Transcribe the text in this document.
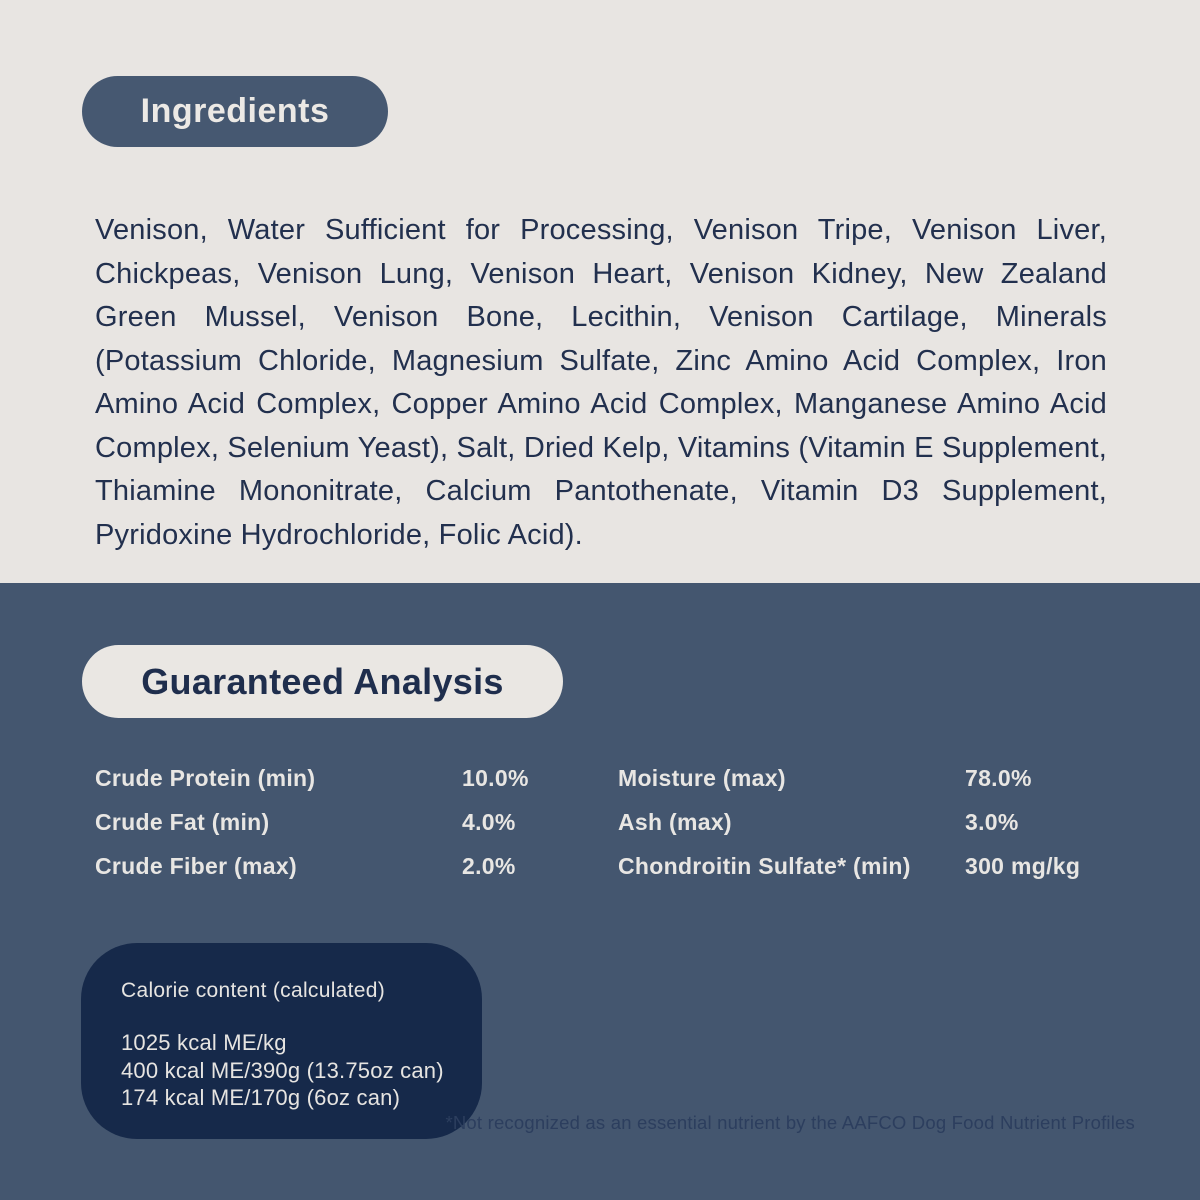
Ingredients

Venison, Water Sufficient for Processing, Venison Tripe, Venison Liver, Chickpeas, Venison Lung, Venison Heart, Venison Kidney, New Zealand Green Mussel, Venison Bone, Lecithin, Venison Cartilage, Minerals (Potassium Chloride, Magnesium Sulfate, Zinc Amino Acid Complex, Iron Amino Acid Complex, Copper Amino Acid Complex, Manganese Amino Acid Complex, Selenium Yeast), Salt, Dried Kelp, Vitamins (Vitamin E Supplement, Thiamine Mononitrate, Calcium Pantothenate, Vitamin D3 Supplement, Pyridoxine Hydrochloride, Folic Acid).

Guaranteed Analysis
Crude Protein (min)	10.0%	Moisture (max)	78.0%
Crude Fat (min)	4.0%	Ash (max)	3.0%
Crude Fiber (max)	2.0%	Chondroitin Sulfate* (min)	300 mg/kg

Calorie content (calculated)

1025 kcal ME/kg
400 kcal ME/390g (13.75oz can)
174 kcal ME/170g (6oz can)
*Not recognized as an essential nutrient by the AAFCO Dog Food Nutrient Profiles
